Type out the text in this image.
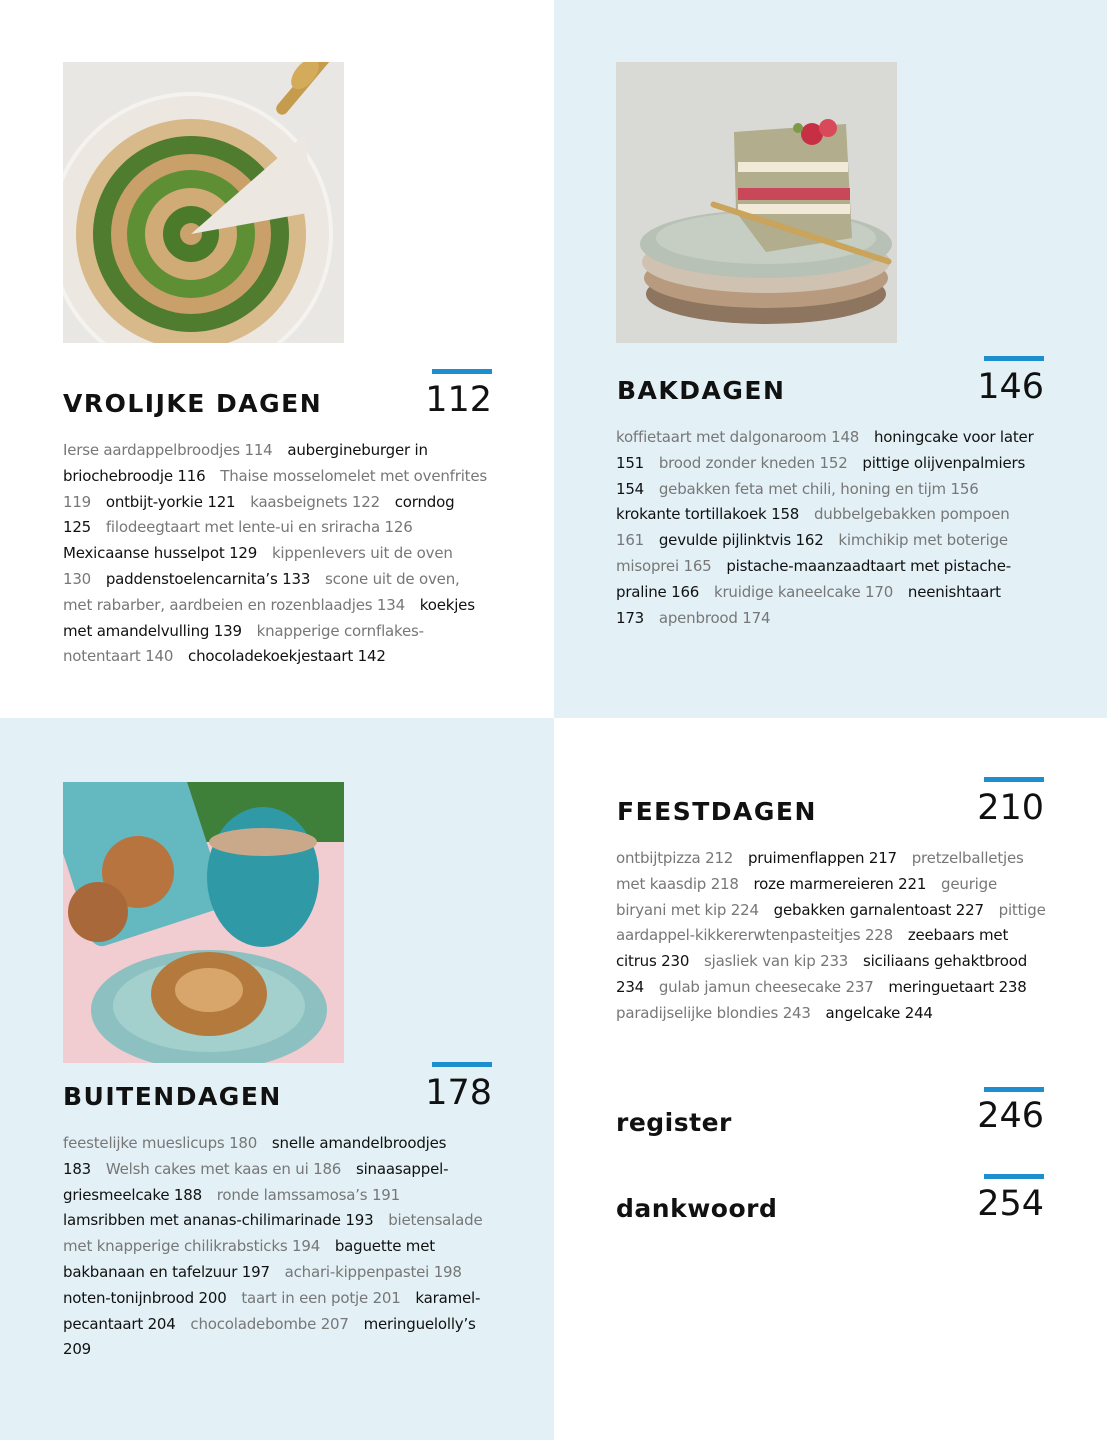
VROLIJKE DAGEN	112
Ierse aardappelbroodjes 114  aubergineburger in briochebroodje 116  Thaise mosselomelet met ovenfrites 119  ontbijt-yorkie 121  kaasbeignets 122  corndog 125  filodeegtaart met lente-ui en sriracha 126 Mexicaanse husselpot 129  kippenlevers uit de oven 130  paddenstoelencarnita’s 133  scone uit de oven, met rabarber, aardbeien en rozenblaadjes 134  koekjes met amandelvulling 139  knapperige cornflakes-notentaart 140  chocoladekoekjestaart 142
BAKDAGEN	146
koffietaart met dalgonaroom 148  honingcake voor later 151  brood zonder kneden 152  pittige olijvenpalmiers 154  gebakken feta met chili, honing en tijm 156 krokante tortillakoek 158  dubbelgebakken pompoen 161  gevulde pijlinktvis 162  kimchikip met boterige misoprei 165  pistache-maanzaadtaart met pistachepraline 166  kruidige kaneelcake 170  neenishtaart 173  apenbrood 174
BUITENDAGEN	178
feestelijke mueslicups 180  snelle amandelbroodjes 183  Welsh cakes met kaas en ui 186  sinaasappel-griesmeelcake 188  ronde lamssamosa’s 191 lamsribben met ananas-chilimarinade 193  bietensalade met knapperige chilikrabsticks 194  baguette met bakbanaan en tafelzuur 197  achari-kippenpastei 198 noten-tonijnbrood 200  taart in een potje 201  karamel-pecantaart 204  chocoladebombe 207  meringuelolly’s 209
FEESTDAGEN	210
ontbijtpizza 212  pruimenflappen 217  pretzelballetjes met kaasdip 218  roze marmereieren 221  geurige biryani met kip 224  gebakken garnalentoast 227  pittige aardappel-kikkererwtenpasteitjes 228  zeebaars met citrus 230  sjasliek van kip 233  siciliaans gehaktbrood 234  gulab jamun cheesecake 237  meringuetaart 238 paradijselijke blondies 243  angelcake 244
register	246
dankwoord	254
